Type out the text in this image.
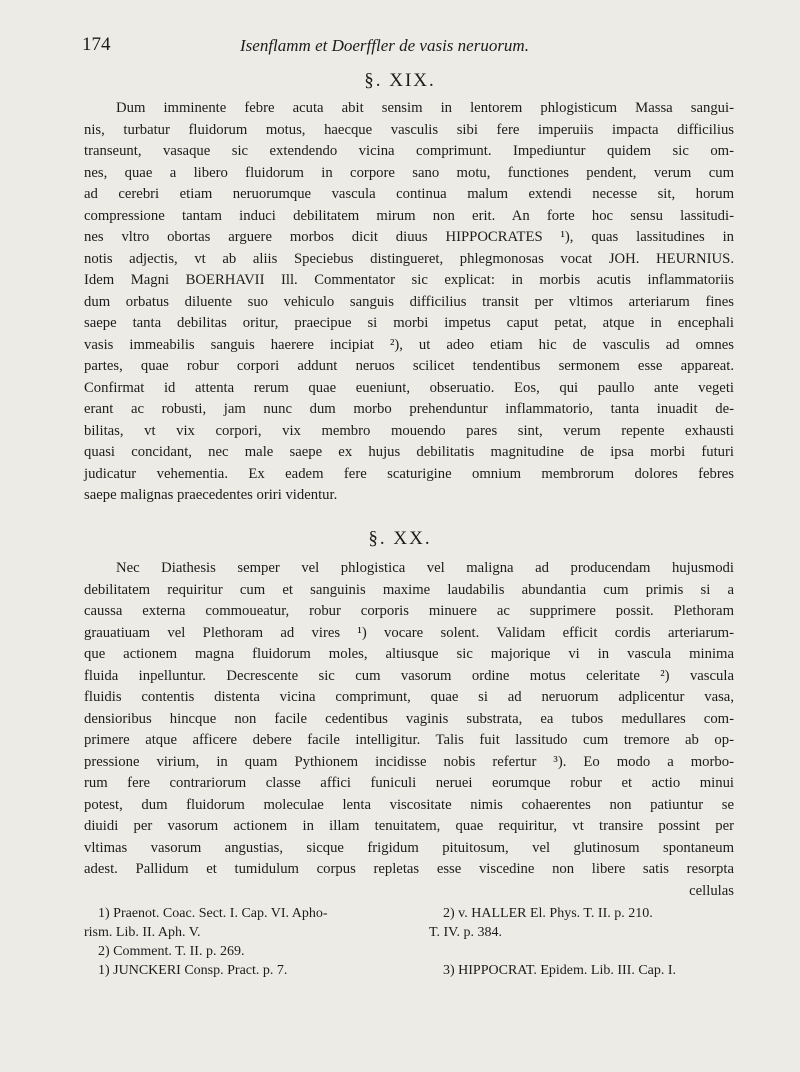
174	Isenflamm et Doerffler de vasis neruorum.
§. XIX.
Dum imminente febre acuta abit sensim in lentorem phlogisticum Massa sangui-
nis, turbatur fluidorum motus, haecque vasculis sibi fere imperuiis impacta difficilius
transeunt, vasaque sic extendendo vicina comprimunt. Impediuntur quidem sic om-
nes, quae a libero fluidorum in corpore sano motu, functiones pendent, verum cum
ad cerebri etiam neruorumque vascula continua malum extendi necesse sit, horum
compressione tantam induci debilitatem mirum non erit. An forte hoc sensu lassitudi-
nes vltro obortas arguere morbos dicit diuus HIPPOCRATES ¹), quas lassitudines in
notis adjectis, vt ab aliis Speciebus distingueret, phlegmonosas vocat JOH. HEURNIUS.
Idem Magni BOERHAVII Ill. Commentator sic explicat: in morbis acutis inflammatoriis
dum orbatus diluente suo vehiculo sanguis difficilius transit per vltimos arteriarum fines
saepe tanta debilitas oritur, praecipue si morbi impetus caput petat, atque in encephali
vasis immeabilis sanguis haerere incipiat ²), ut adeo etiam hic de vasculis ad omnes
partes, quae robur corpori addunt neruos scilicet tendentibus sermonem esse appareat.
Confirmat id attenta rerum quae eueniunt, obseruatio. Eos, qui paullo ante vegeti
erant ac robusti, jam nunc dum morbo prehenduntur inflammatorio, tanta inuadit de-
bilitas, vt vix corpori, vix membro mouendo pares sint, verum repente exhausti
quasi concidant, nec male saepe ex hujus debilitatis magnitudine de ipsa morbi futuri
judicatur vehementia. Ex eadem fere scaturigine omnium membrorum dolores febres
saepe malignas praecedentes oriri videntur.
§. XX.
Nec Diathesis semper vel phlogistica vel maligna ad producendam hujusmodi
debilitatem requiritur cum et sanguinis maxime laudabilis abundantia cum primis si a
caussa externa commoueatur, robur corporis minuere ac supprimere possit. Plethoram
grauatiuam vel Plethoram ad vires ¹) vocare solent. Validam efficit cordis arteriarum-
que actionem magna fluidorum moles, altiusque sic majorique vi in vascula minima
fluida inpelluntur. Decrescente sic cum vasorum ordine motus celeritate ²) vascula
fluidis contentis distenta vicina comprimunt, quae si ad neruorum adplicentur vasa,
densioribus hincque non facile cedentibus vaginis substrata, ea tubos medullares com-
primere atque afficere debere facile intelligitur. Talis fuit lassitudo cum tremore ab op-
pressione virium, in quam Pythionem incidisse nobis refertur ³). Eo modo a morbo-
rum fere contrariorum classe affici funiculi neruei eorumque robur et actio minui
potest, dum fluidorum moleculae lenta viscositate nimis cohaerentes non patiuntur se
diuidi per vasorum actionem in illam tenuitatem, quae requiritur, vt transire possint per
vltimas vasorum angustias, sicque frigidum pituitosum, vel glutinosum spontaneum
adest. Pallidum et tumidulum corpus repletas esse viscedine non libere satis resorpta
cellulas
1) Praenot. Coac. Sect. I. Cap. VI. Apho-
rism. Lib. II. Aph. V.
2) Comment. T. II. p. 269.
1) JUNCKERI Consp. Pract. p. 7.
2) v. HALLER El. Phys. T. II. p. 210.
T. IV. p. 384.
3) HIPPOCRAT. Epidem. Lib. III. Cap. I.
